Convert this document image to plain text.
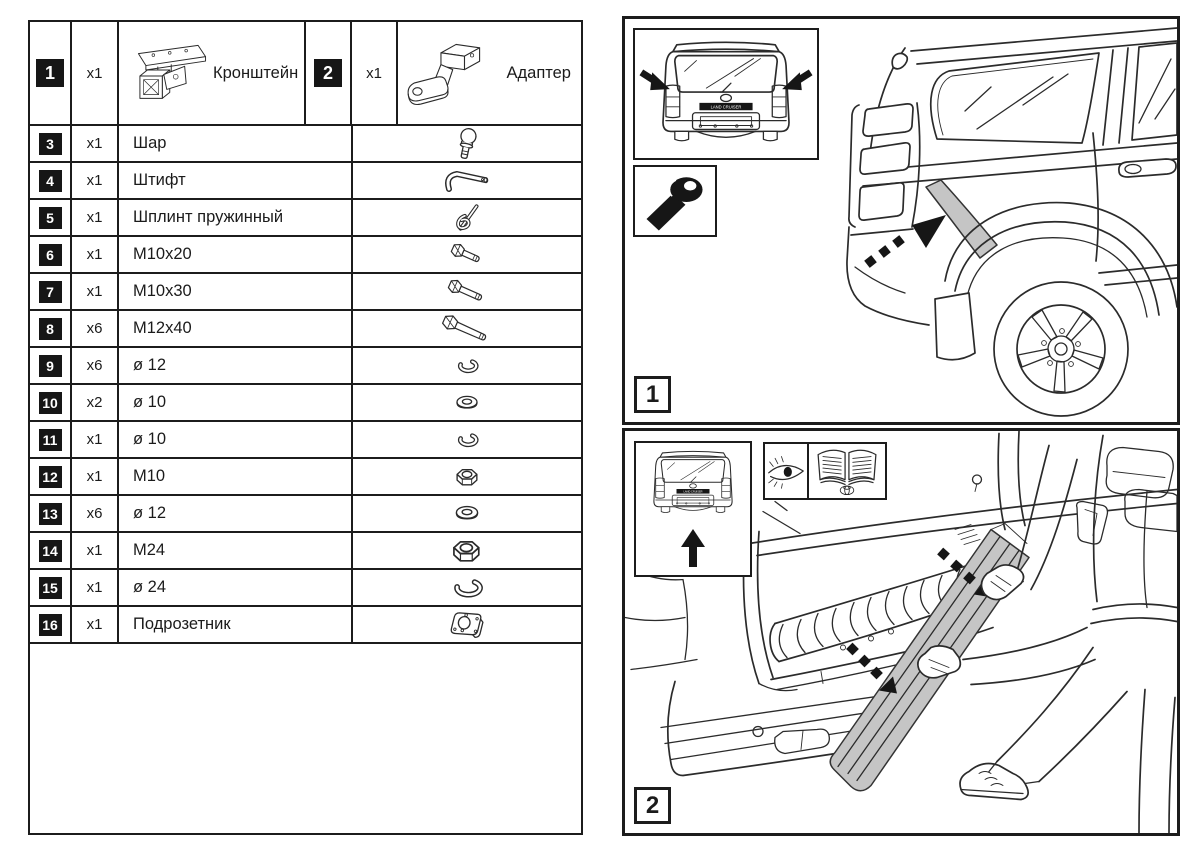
1	x1	Кронштейн	2	x1	Адаптер
3	x1	Шар
4	x1	Штифт
5	x1	Шплинт пружинный
6	x1	М10х20
7	x1	М10х30
8	x6	М12х40
9	x6	ø 12
10	x2	ø 10
11	x1	ø 10
12	x1	М10
13	x6	ø 12
14	x1	М24
15	x1	ø 24
16	x1	Подрозетник
1
2
